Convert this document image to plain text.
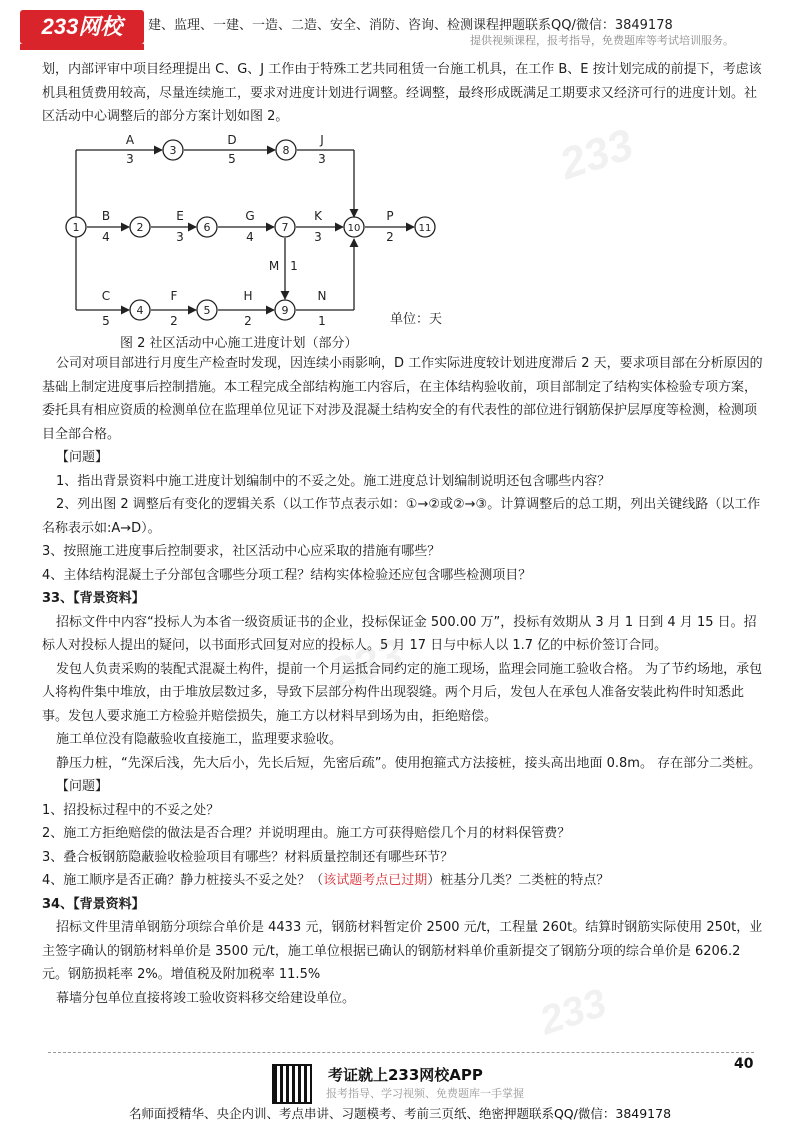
233
233
233
233网校	建、监理、一建、一造、二造、安全、消防、咨询、检测课程押题联系QQ/微信：3849178
提供视频课程，报考指导，免费题库等考试培训服务。

划，内部评审中项目经理提出 C、G、J 工作由于特殊工艺共同租赁一台施工机具，在工作 B、E 按计划完成的前提下，考虑该机具租赁费用较高，尽量连续施工，要求对进度计划进行调整。经调整，最终形成既满足工期要求又经济可行的进度计划。社区活动中心调整后的部分方案计划如图 2。

1	2
3
4	5
7
6
8
9
10	11
A
3
D
5
J
3
B
4
E
3
G
4
K
3
P
2
M 1
C
5
F
2
H
2
N
1	单位：天
图 2 社区活动中心施工进度计划（部分）

公司对项目部进行月度生产检查时发现，因连续小雨影响，D 工作实际进度较计划进度滞后 2 天，要求项目部在分析原因的基础上制定进度事后控制措施。本工程完成全部结构施工内容后，在主体结构验收前，项目部制定了结构实体检验专项方案，委托具有相应资质的检测单位在监理单位见证下对涉及混凝土结构安全的有代表性的部位进行钢筋保护层厚度等检测，检测项目全部合格。

【问题】

1、指出背景资料中施工进度计划编制中的不妥之处。施工进度总计划编制说明还包含哪些内容？

2、列出图 2 调整后有变化的逻辑关系（以工作节点表示如：①→②或②→③。计算调整后的总工期，列出关键线路（以工作名称表示如:A→D）。

3、按照施工进度事后控制要求，社区活动中心应采取的措施有哪些？

4、主体结构混凝土子分部包含哪些分项工程？结构实体检验还应包含哪些检测项目？

33、【背景资料】

招标文件中内容“投标人为本省一级资质证书的企业，投标保证金 500.00 万”，投标有效期从 3 月 1 日到 4 月 15 日。招标人对投标人提出的疑问，以书面形式回复对应的投标人。5 月 17 日与中标人以 1.7 亿的中标价签订合同。

发包人负责采购的装配式混凝土构件，提前一个月运抵合同约定的施工现场，监理会同施工验收合格。 为了节约场地，承包人将构件集中堆放，由于堆放层数过多，导致下层部分构件出现裂缝。两个月后，发包人在承包人准备安装此构件时知悉此事。发包人要求施工方检验并赔偿损失，施工方以材料早到场为由，拒绝赔偿。

施工单位没有隐蔽验收直接施工，监理要求验收。

静压力桩，“先深后浅，先大后小，先长后短，先密后疏”。使用抱箍式方法接桩，接头高出地面 0.8m。 存在部分二类桩。

【问题】

1、招投标过程中的不妥之处？

2、施工方拒绝赔偿的做法是否合理？并说明理由。施工方可获得赔偿几个月的材料保管费？

3、叠合板钢筋隐蔽验收检验项目有哪些？材料质量控制还有哪些环节？

4、施工顺序是否正确？静力桩接头不妥之处？（该试题考点已过期）桩基分几类？二类桩的特点？

34、【背景资料】

招标文件里清单钢筋分项综合单价是 4433 元，钢筋材料暂定价 2500 元/t，工程量 260t。结算时钢筋实际使用 250t，业主签字确认的钢筋材料单价是 3500 元/t，施工单位根据已确认的钢筋材料单价重新提交了钢筋分项的综合单价是 6206.2 元。钢筋损耗率 2%。增值税及附加税率 11.5%

幕墙分包单位直接将竣工验收资料移交给建设单位。

40
考证就上233网校APP
报考指导、学习视频、免费题库一手掌握
名师面授精华、央企内训、考点串讲、习题模考、考前三页纸、绝密押题联系QQ/微信：3849178
